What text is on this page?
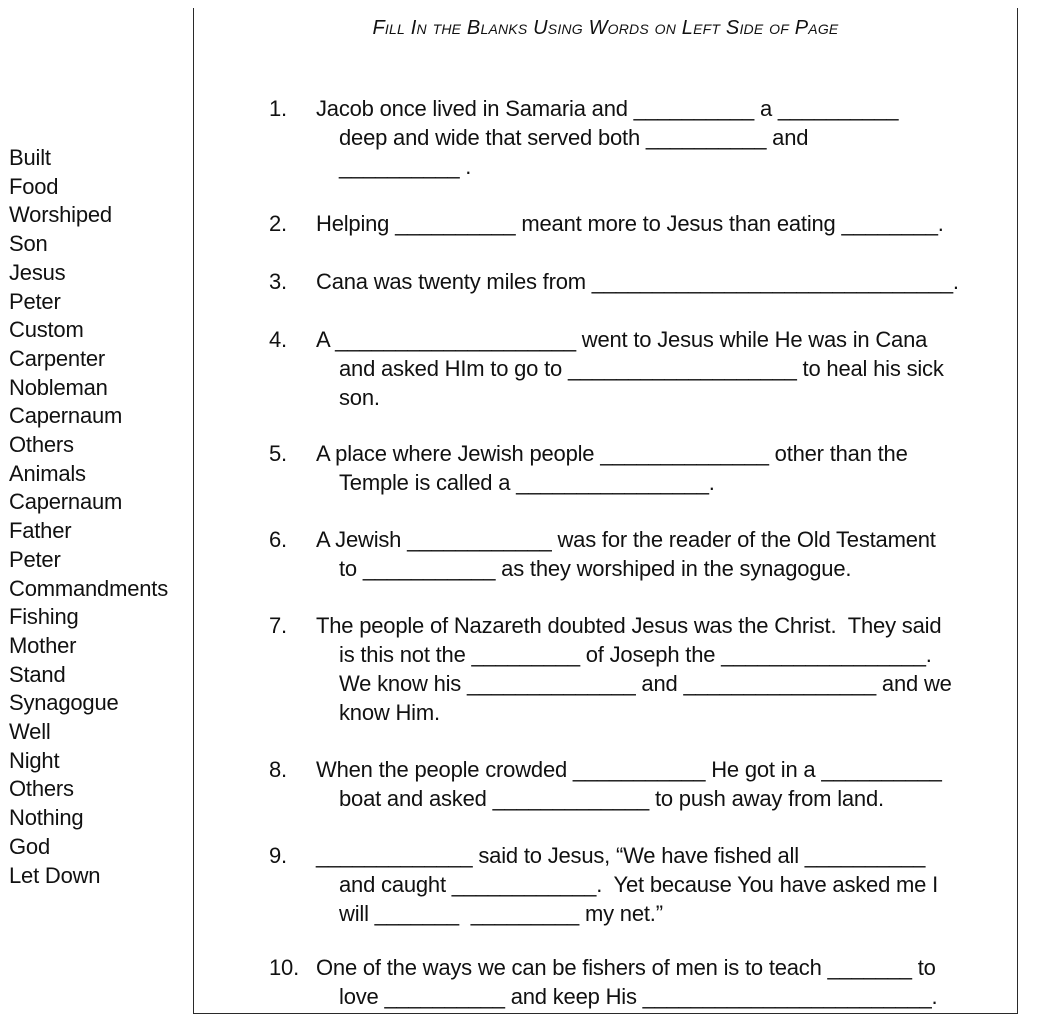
Built
Food
Worshiped
Son
Jesus
Peter
Custom
Carpenter
Nobleman
Capernaum
Others
Animals
Capernaum
Father
Peter
Commandments
Fishing
Mother
Stand
Synagogue
Well
Night
Others
Nothing
God
Let Down
Fill In the Blanks Using Words on Left Side of Page
1.	Jacob once lived in Samaria and __________ a __________
deep and wide that served both __________ and
__________ .
2.	Helping __________ meant more to Jesus than eating ________.
3.	Cana was twenty miles from ______________________________.
4.	A ____________________ went to Jesus while He was in Cana
and asked HIm to go to ___________________ to heal his sick
son.
5.	A place where Jewish people ______________ other than the
Temple is called a ________________.
6.	A Jewish ____________ was for the reader of the Old Testament
to ___________ as they worshiped in the synagogue.
7.	The people of Nazareth doubted Jesus was the Christ.  They said
is this not the _________ of Joseph the _________________.
We know his ______________ and ________________ and we
know Him.
8.	When the people crowded ___________ He got in a __________
boat and asked _____________ to push away from land.
9.	_____________ said to Jesus, “We have fished all __________
and caught ____________.  Yet because You have asked me I
will _______  _________ my net.”
10. One of the ways we can be fishers of men is to teach _______ to
love __________ and keep His ________________________.
